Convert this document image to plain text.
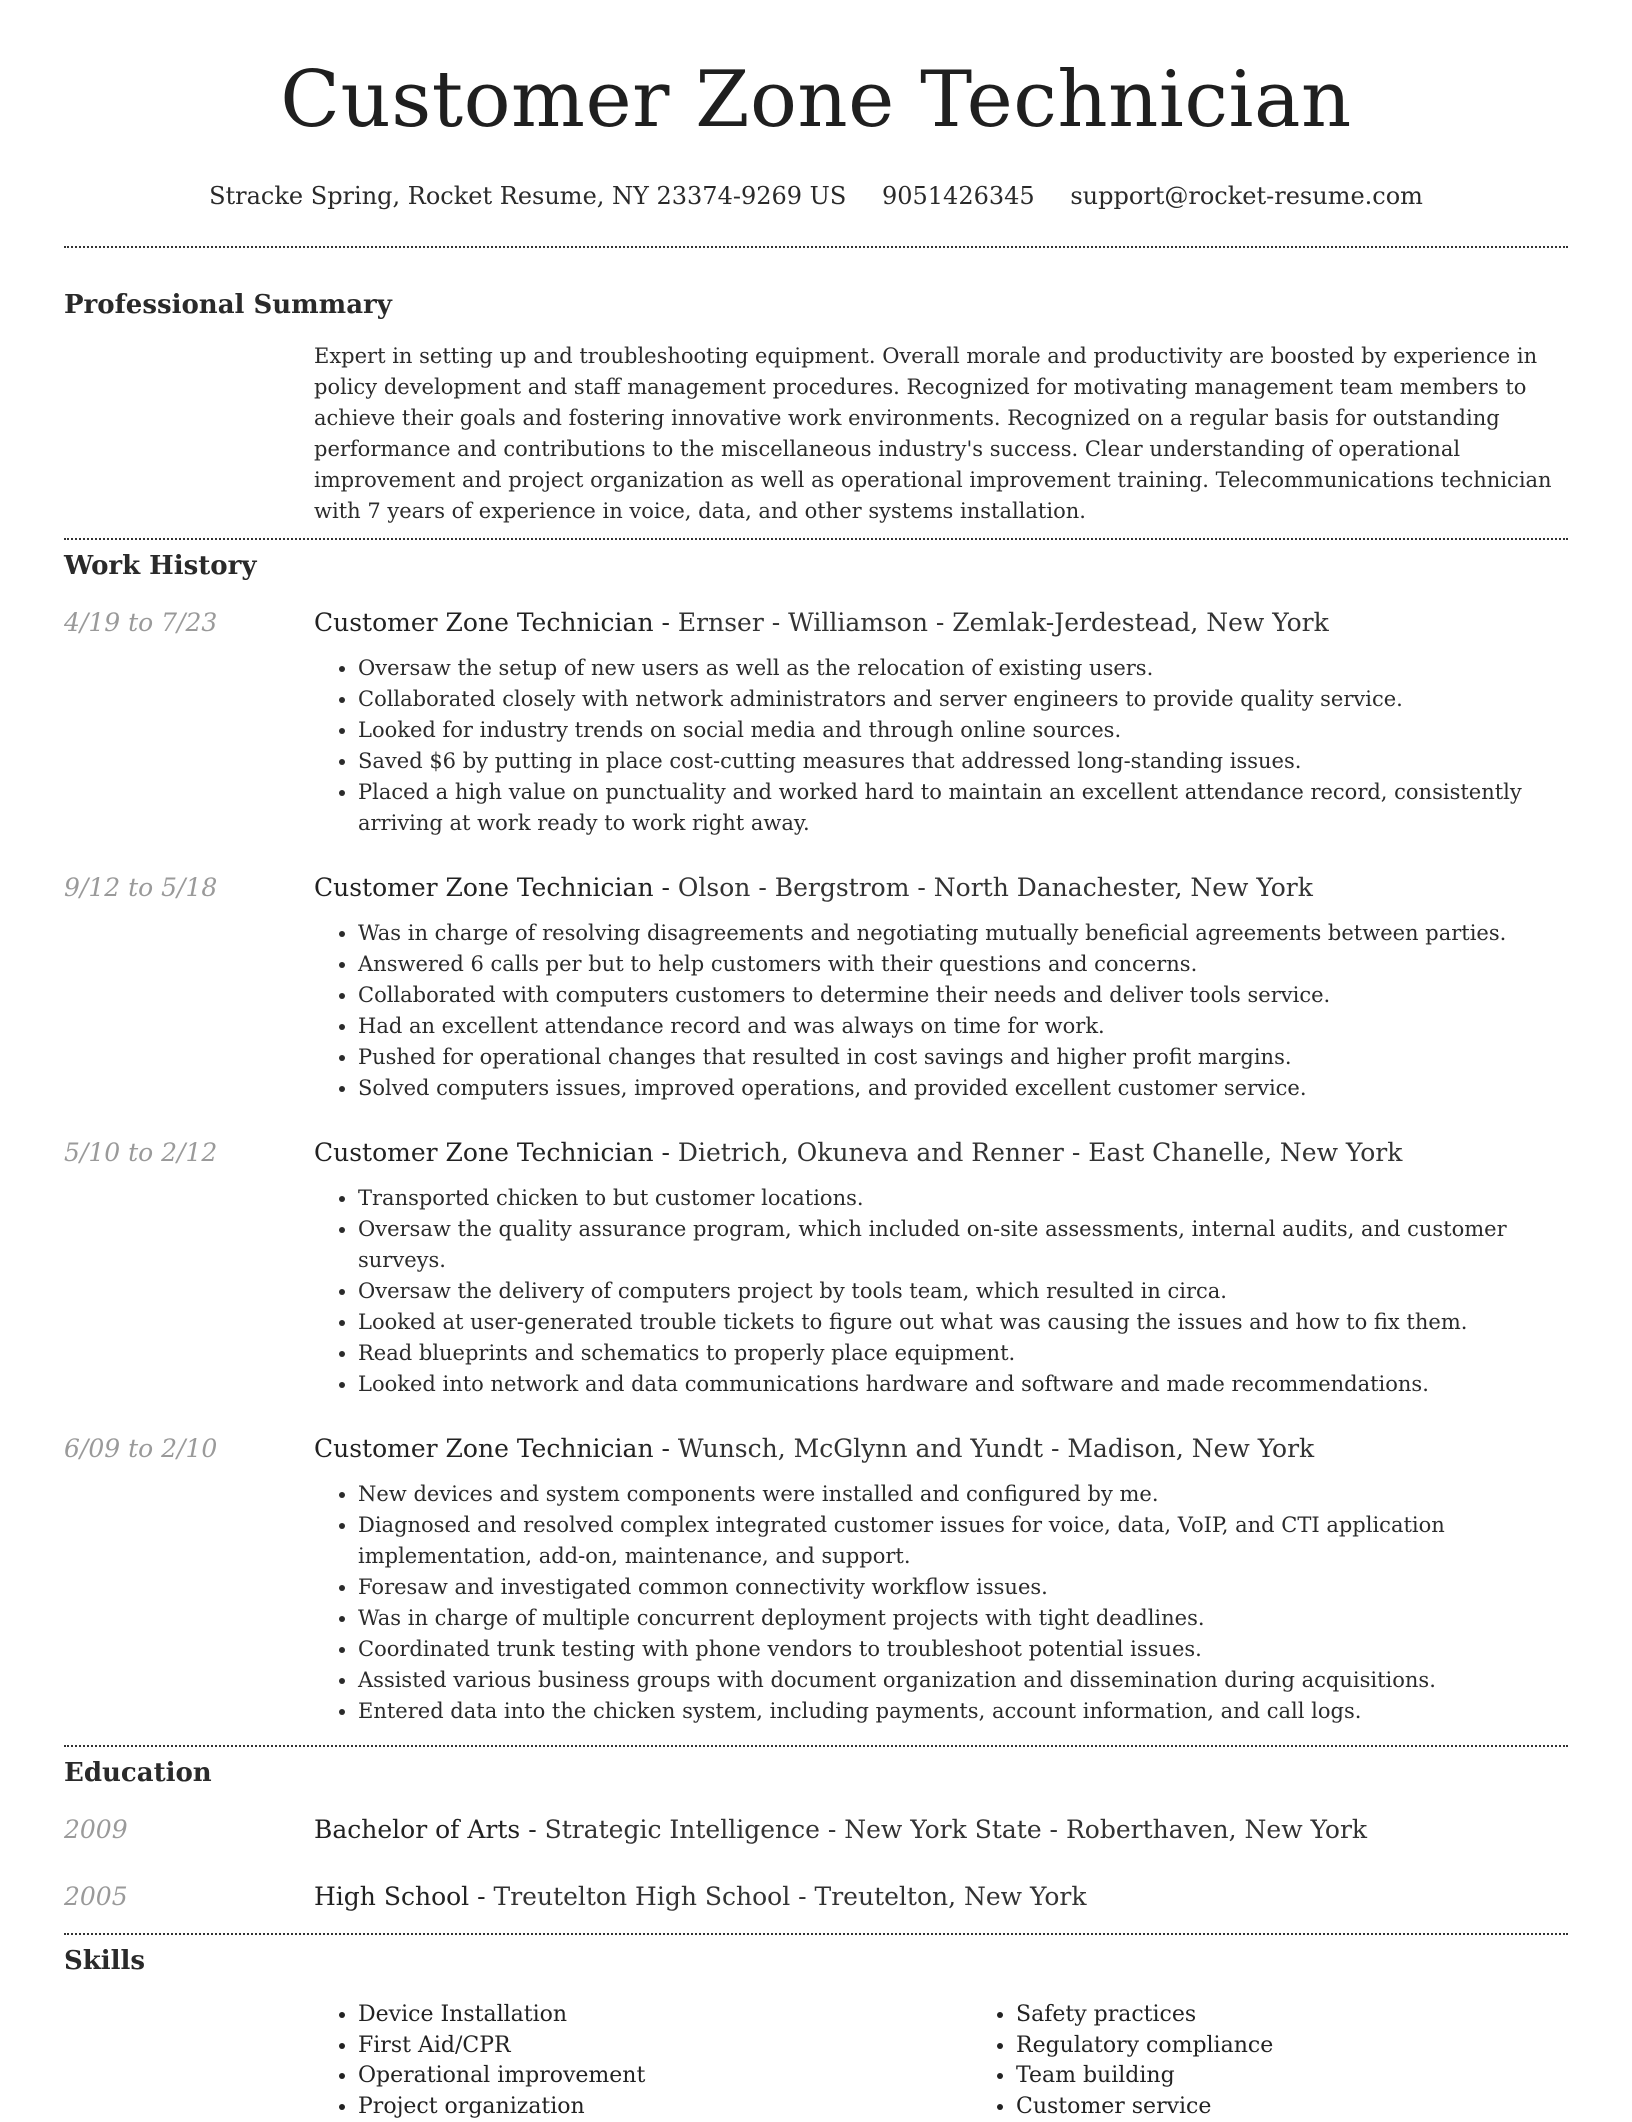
Customer Zone Technician
Stracke Spring, Rocket Resume, NY 23374-9269 US 9051426345 support@rocket-resume.com
Professional Summary
Expert in setting up and troubleshooting equipment. Overall morale and productivity are boosted by experience in policy development and staff management procedures. Recognized for motivating management team members to achieve their goals and fostering innovative work environments. Recognized on a regular basis for outstanding performance and contributions to the miscellaneous industry's success. Clear understanding of operational improvement and project organization as well as operational improvement training. Telecommunications technician with 7 years of experience in voice, data, and other systems installation.
Work History
4/19 to 7/23	Customer Zone Technician - Ernser - Williamson - Zemlak-Jerdestead, New York
• Oversaw the setup of new users as well as the relocation of existing users.
• Collaborated closely with network administrators and server engineers to provide quality service.
• Looked for industry trends on social media and through online sources.
• Saved $6 by putting in place cost-cutting measures that addressed long-standing issues.
• Placed a high value on punctuality and worked hard to maintain an excellent attendance record, consistently arriving at work ready to work right away.
9/12 to 5/18	Customer Zone Technician - Olson - Bergstrom - North Danachester, New York
• Was in charge of resolving disagreements and negotiating mutually beneficial agreements between parties.
• Answered 6 calls per but to help customers with their questions and concerns.
• Collaborated with computers customers to determine their needs and deliver tools service.
• Had an excellent attendance record and was always on time for work.
• Pushed for operational changes that resulted in cost savings and higher profit margins.
• Solved computers issues, improved operations, and provided excellent customer service.
5/10 to 2/12	Customer Zone Technician - Dietrich, Okuneva and Renner - East Chanelle, New York
• Transported chicken to but customer locations.
• Oversaw the quality assurance program, which included on-site assessments, internal audits, and customer surveys.
• Oversaw the delivery of computers project by tools team, which resulted in circa.
• Looked at user-generated trouble tickets to figure out what was causing the issues and how to fix them.
• Read blueprints and schematics to properly place equipment.
• Looked into network and data communications hardware and software and made recommendations.
6/09 to 2/10	Customer Zone Technician - Wunsch, McGlynn and Yundt - Madison, New York
• New devices and system components were installed and configured by me.
• Diagnosed and resolved complex integrated customer issues for voice, data, VoIP, and CTI application implementation, add-on, maintenance, and support.
• Foresaw and investigated common connectivity workflow issues.
• Was in charge of multiple concurrent deployment projects with tight deadlines.
• Coordinated trunk testing with phone vendors to troubleshoot potential issues.
• Assisted various business groups with document organization and dissemination during acquisitions.
• Entered data into the chicken system, including payments, account information, and call logs.
Education
2009	Bachelor of Arts - Strategic Intelligence - New York State - Roberthaven, New York
2005	High School - Treutelton High School - Treutelton, New York
Skills
• Device Installation
• First Aid/CPR
• Operational improvement
• Project organization
• Safety practices
• Regulatory compliance
• Team building
• Customer service
